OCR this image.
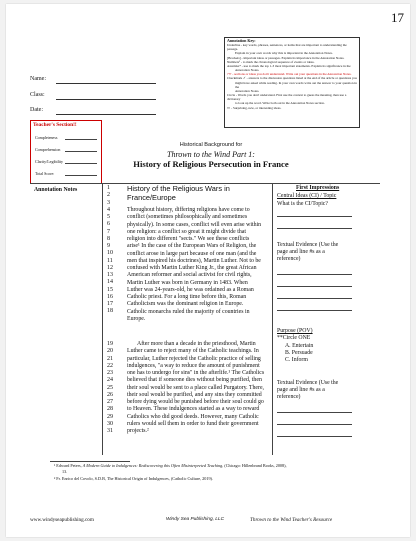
17
Name:
Class:
Date:
Annotation Key:
Underline - key words, phrases, sentences, or items that are important to understanding the passage.
Explain in your own words why this is important in the Annotation Notes.
[Brackets] - important ideas or passages. Explain its importance in the Annotation Notes.
Numbers¹ - to mark the chronological sequence of events or ideas.
Asterisks* - use to mark the top 1-3 most important statements. Explain its significance in the
Annotation Notes.
??? - sections or ideas you don't understand. Write out your questions in the Annotation Notes.
Checkmark ✓ - answers to the discussion questions listed at the end of the article or questions you
might have asked while reading. In your own words write out the answer to your question in the
Annotation Notes.
Circle - Words you don't understand. First use the context to guess the meaning, then use a dictionary
to look up the word. Write both out in the Annotation Notes section.
!!! - Surprising, new, or interesting ideas.
Teacher's Section!!
Completeness
Comprehension
Clarity/Legibility
Total Score:
Historical Background for
Thrown to the Wind Part 1:
History of Religious Persecution in France
Annotation Notes	History of the Religious Wars in
France/Europe
1
2
3
4
5
6
7
8
9
10
11
12
13
14
15
16
17
18
19
20
21
22
23
24
25
26
27
28
29
30
31
Throughout history, differing religions have come to
conflict (sometimes philosophically and sometimes
physically). In some cases, conflict will even arise within
one religion: a conflict so great it might divide that
religion into different "sects." We see these conflicts
arise¹ In the case of the European Wars of Religion, the
conflict arose in large part because of one man (and the
men that inspired his doctrines), Martin Luther. Not to be
confused with Martin Luther King Jr., the great African
American reformer and social activist for civil rights,
Martin Luther was born in Germany in 1483. When
Luther was 24-years-old, he was ordained as a Roman
Catholic priest. For a long time before this, Roman
Catholicism was the dominant religion in Europe.
Catholic monarchs ruled the majority of countries in
Europe.
After more than a decade in the priesthood, Martin
Luther came to reject many of the Catholic teachings. In
particular, Luther rejected the Catholic practice of selling
indulgences, "a way to reduce the amount of punishment
one has to undergo for sins" in the afterlife.¹ The Catholics
believed that if someone dies without being purified, then
their soul would be sent to a place called Purgatory. There,
their soul would be purified, and any sins they committed
before dying would be punished before their soul could go
to Heaven. These indulgences started as a way to reward
Catholics who did good deeds. However, many Catholic
rulers would sell them in order to fund their government
projects.²
First Impressions
Central Ideas (CI) / Topic
What is the CI/Topic?
Textual Evidence (Use the
page and line #s as a
reference)
Purpose (POV)
**Circle ONE
A. Entertain
B. Persuade
C. Inform
Textual Evidence (Use the
page and line #s as a
reference)
¹ Edward Peters, A Modern Guide to Indulgences: Rediscovering this Often Misinterpreted Teaching, (Chicago: Hillenbrand Books, 2008),
13.
² Fr. Enrico del Covolo, S.D.B, The Historical Origin of Indulgences, (Catholic Culture, 2019).
www.windyseapublishing.com	Windy Sea Publishing, LLC	Thrown to the Wind Teacher's Resource
